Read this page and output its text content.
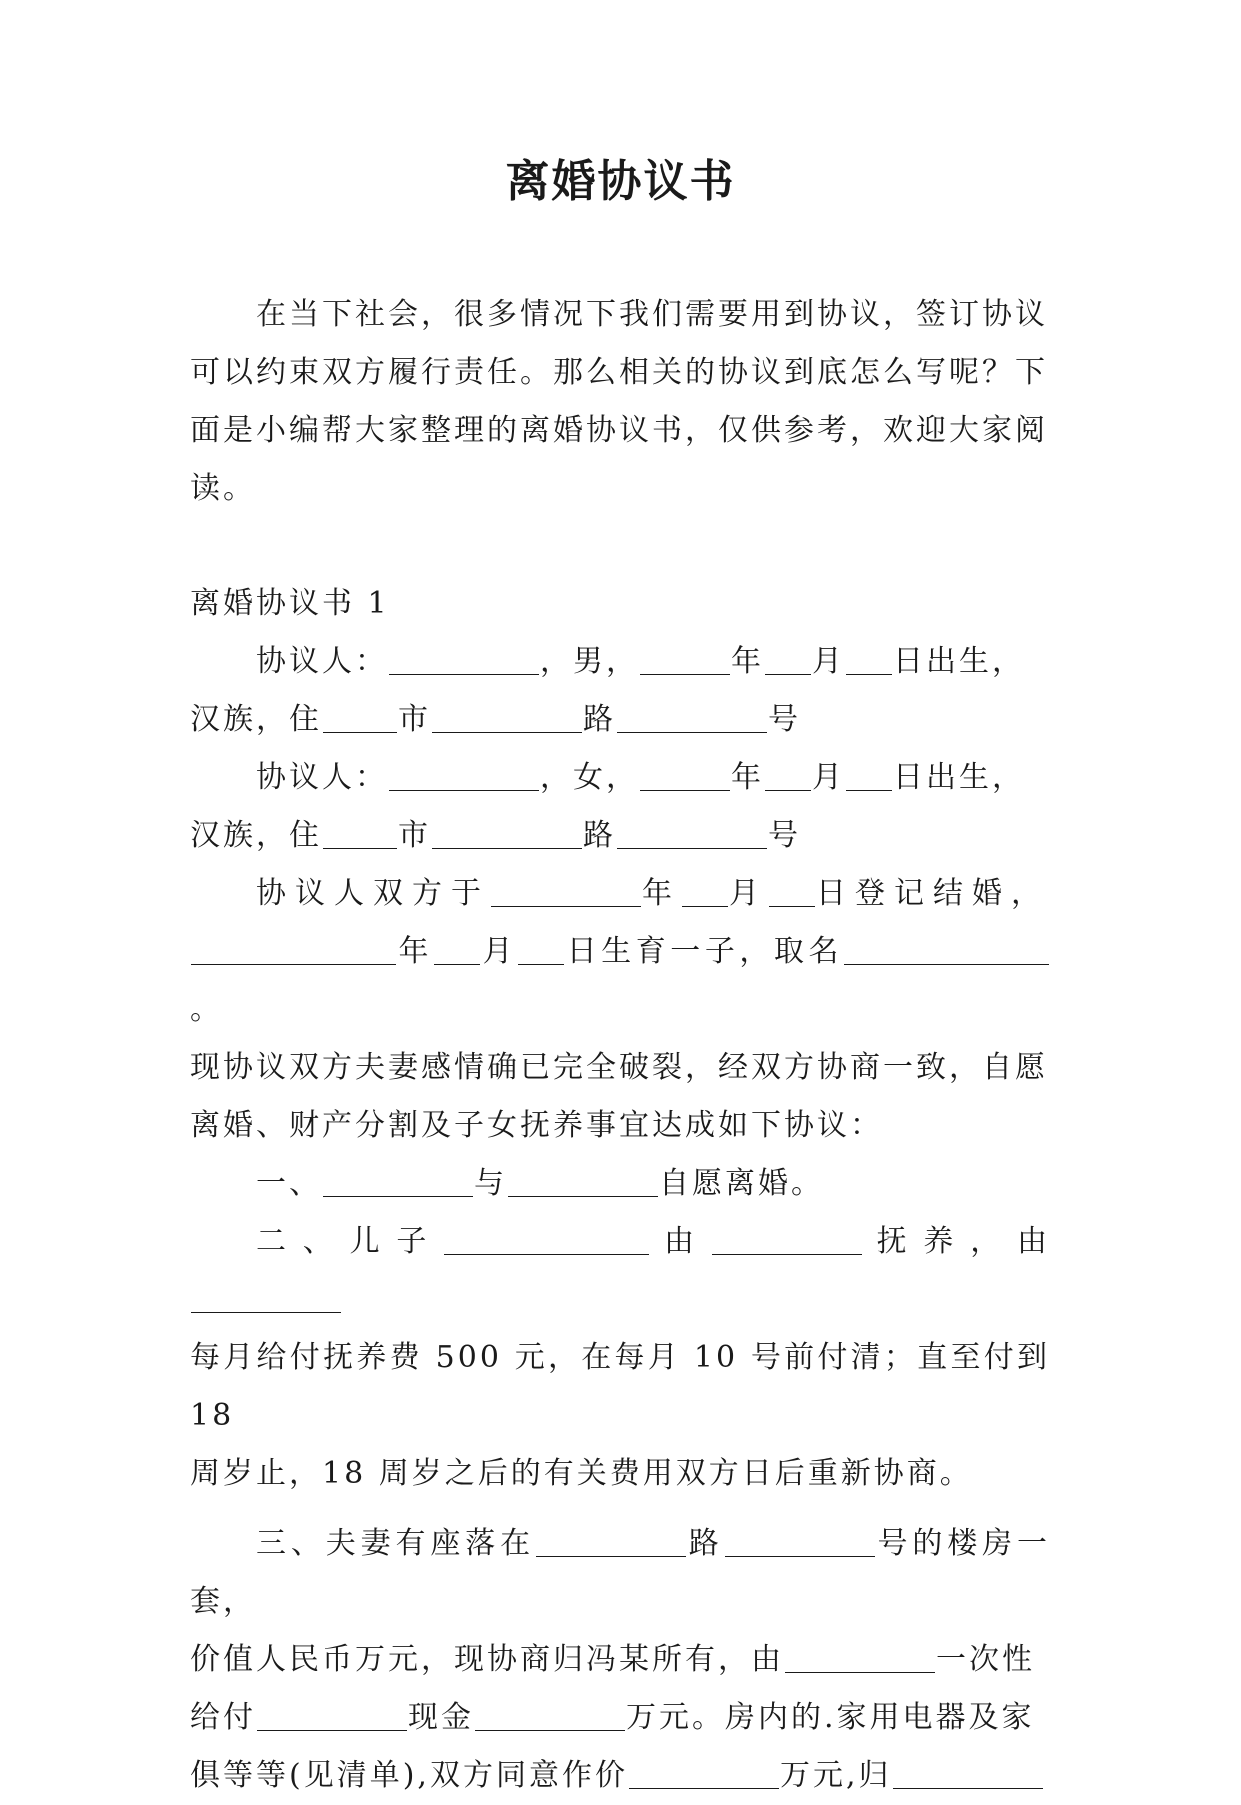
离婚协议书

在当下社会，很多情况下我们需要用到协议，签订协议

可以约束双方履行责任。那么相关的协议到底怎么写呢？下

面是小编帮大家整理的离婚协议书，仅供参考，欢迎大家阅

读。

离婚协议书 1

协议人：	，男，	年 月 日出生，

汉族，住	市	路	号

协议人：	，女，	年 月 日出生，

汉族，住	市	路	号

协议人双方于	年 月 日登记结婚，

年 月 日生育一子，取名。

现协议双方夫妻感情确已完全破裂，经双方协商一致，自愿

离婚、财产分割及子女抚养事宜达成如下协议：

一、	与	自愿离婚。

二、儿子	由	抚养，由

每月给付抚养费 500 元，在每月 10 号前付清；直至付到 18

周岁止，18 周岁之后的有关费用双方日后重新协商。

三、夫妻有座落在	路	号的楼房一套，

价值人民币万元，现协商归冯某所有，由	一次性

给付	现金	万元。房内的.家用电器及家

俱等等(见清单),双方同意作价	万元,归
